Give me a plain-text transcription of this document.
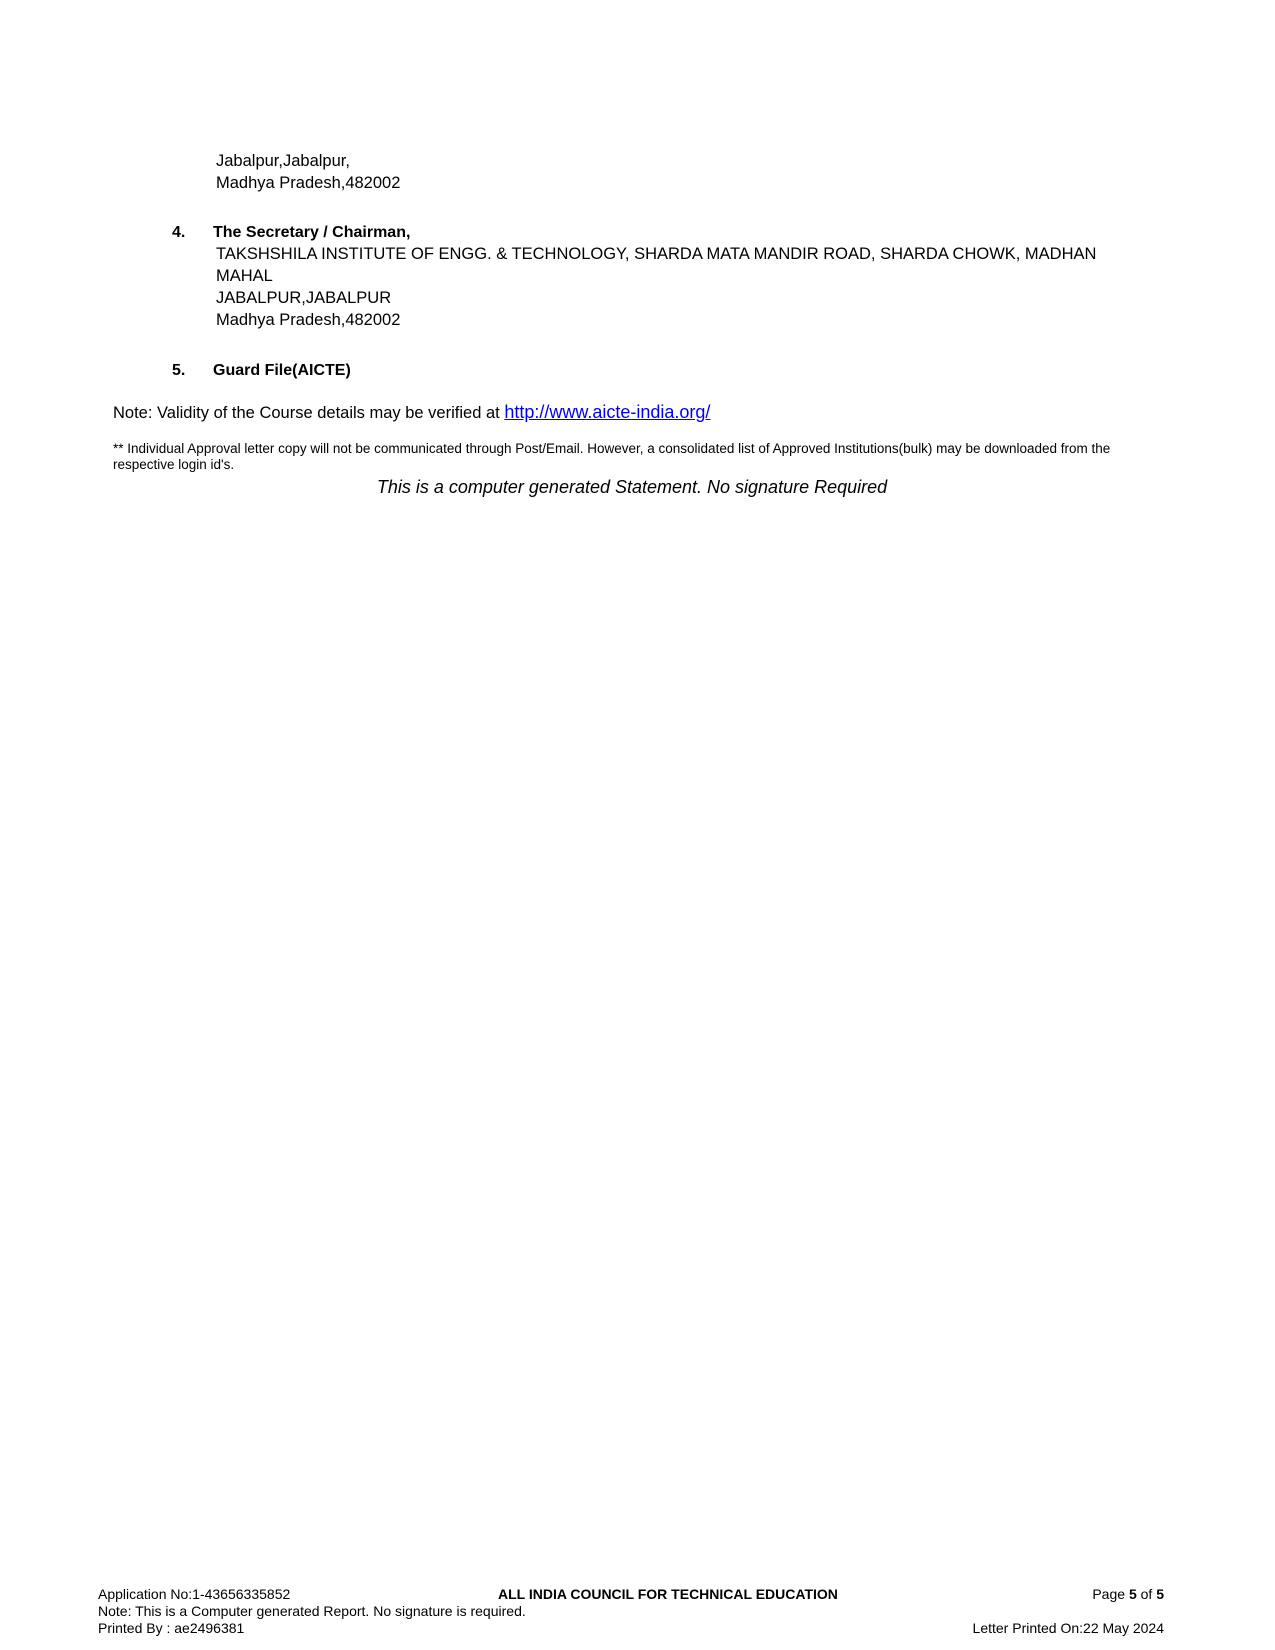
Jabalpur,Jabalpur,
Madhya Pradesh,482002
4. The Secretary / Chairman,
TAKSHSHILA INSTITUTE OF ENGG. & TECHNOLOGY, SHARDA MATA MANDIR ROAD, SHARDA CHOWK, MADHAN
MAHAL
JABALPUR,JABALPUR
Madhya Pradesh,482002
5. Guard File(AICTE)
Note: Validity of the Course details may be verified at http://www.aicte-india.org/
** Individual Approval letter copy will not be communicated through Post/Email. However, a consolidated list of Approved Institutions(bulk) may be downloaded from the respective login id's.
This is a computer generated Statement. No signature Required
Application No:1-43656335852	ALL INDIA COUNCIL FOR TECHNICAL EDUCATION	Page 5 of 5
Note: This is a Computer generated Report. No signature is required.
Printed By : ae2496381	Letter Printed On:22 May 2024
